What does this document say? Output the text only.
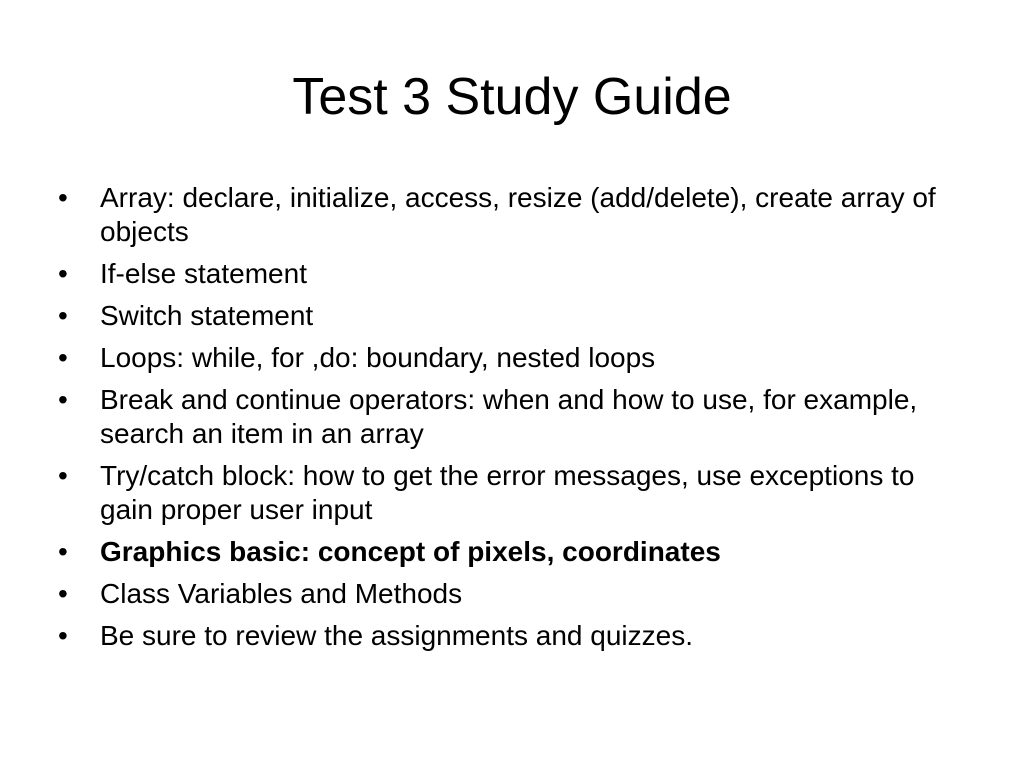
Test 3 Study Guide
•	Array: declare, initialize, access, resize (add/delete), create array of objects
•	If-else statement
•	Switch statement
•	Loops: while, for ,do: boundary, nested loops
•	Break and continue operators: when and how to use, for example, search an item in an array
•	Try/catch block: how to get the error messages, use exceptions to gain proper user input
•	Graphics basic: concept of pixels, coordinates
•	Class Variables and Methods
•	Be sure to review the assignments and quizzes.
